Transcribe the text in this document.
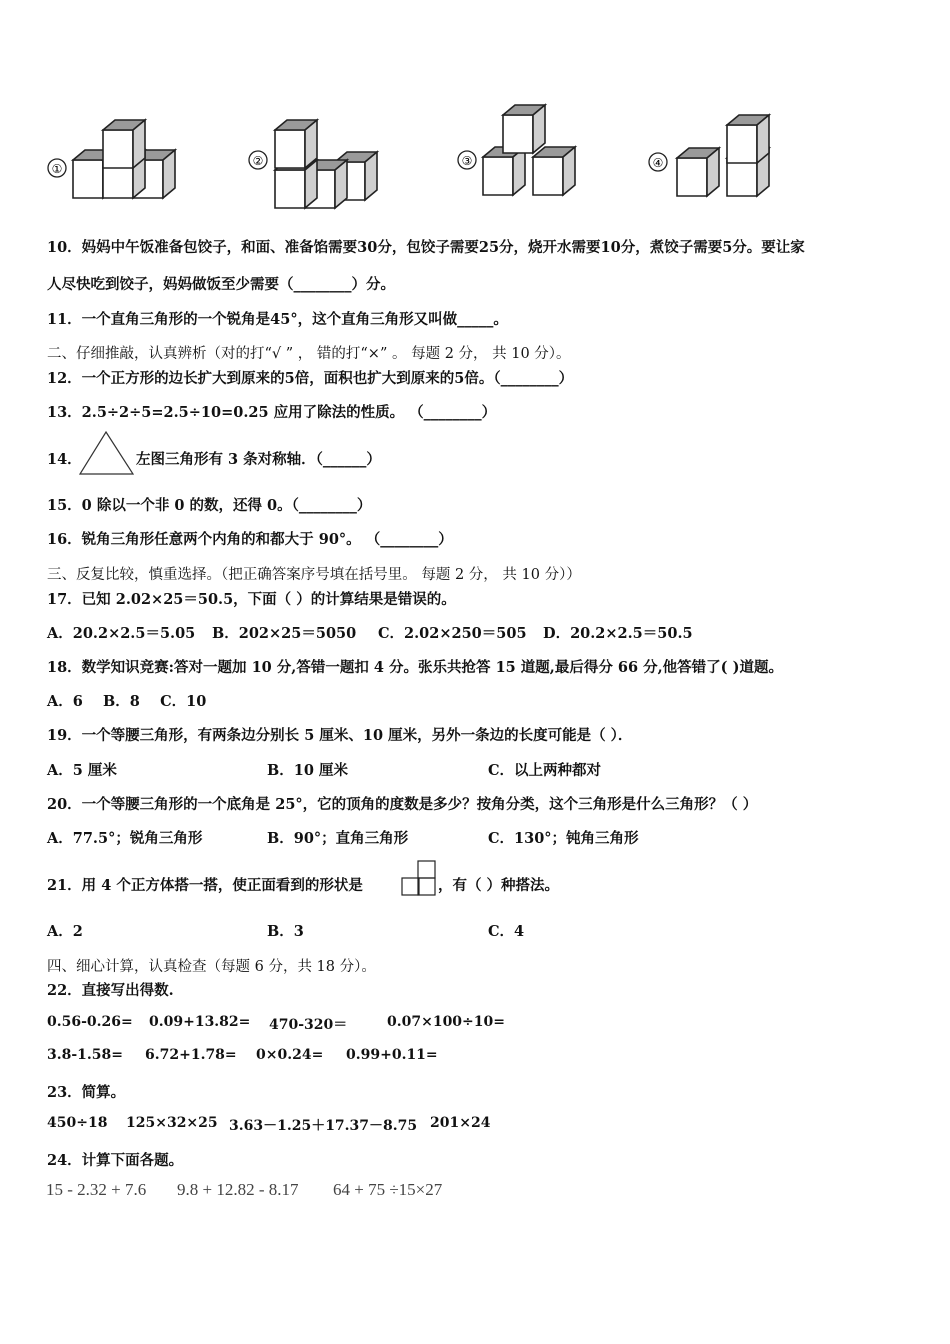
①
②	③	④
10．妈妈中午饭准备包饺子，和面、准备馅需要30分，包饺子需要25分，烧开水需要10分，煮饺子需要5分。要让家
人尽快吃到饺子，妈妈做饭至少需要（________）分。
11．一个直角三角形的一个锐角是45°，这个直角三角形又叫做_____。
二、仔细推敲，认真辨析（对的打“√ ” ， 错的打“×” 。 每题 2 分， 共 10 分）。
12．一个正方形的边长扩大到原来的5倍，面积也扩大到原来的5倍。（________）
13．2.5÷2÷5=2.5÷10=0.25 应用了除法的性质。 （________）
14．	左图三角形有 3 条对称轴．（______）
15．0 除以一个非 0 的数，还得 0。（________）
16．锐角三角形任意两个内角的和都大于 90°。 （________）
三、反复比较，慎重选择。（把正确答案序号填在括号里。 每题 2 分， 共 10 分））
17．已知 2.02×25＝50.5，下面（ ）的计算结果是错误的。
A．20.2×2.5＝5.05 B．202×25＝5050 C．2.02×250＝505 D．20.2×2.5＝50.5
18．数学知识竞赛:答对一题加 10 分,答错一题扣 4 分。张乐共抢答 15 道题,最后得分 66 分,他答错了( )道题。
A．6    B．8    C．10
19．一个等腰三角形，有两条边分别长 5 厘米、10 厘米，另外一条边的长度可能是（ ）．
A．5 厘米	B．10 厘米	C．以上两种都对
20．一个等腰三角形的一个底角是 25°，它的顶角的度数是多少？按角分类，这个三角形是什么三角形？（ ）
A．77.5°；锐角三角形	B．90°；直角三角形	C．130°；钝角三角形
21．用 4 个正方体搭一搭，使正面看到的形状是	，有（ ）种搭法。
A．2	B．3	C．4
四、细心计算，认真检查（每题 6 分，共 18 分）。
22．直接写出得数.
0.56-0.26= 0.09+13.82= 470-320＝	0.07×100÷10=
3.8-1.58= 6.72+1.78= 0×0.24= 0.99+0.11=
23．简算。
450÷18 125×32×25 3.63－1.25＋17.37－8.75 201×24
24．计算下面各题。
15 - 2.32 + 7.6 9.8 + 12.82 - 8.17 64 + 75 ÷15×27
